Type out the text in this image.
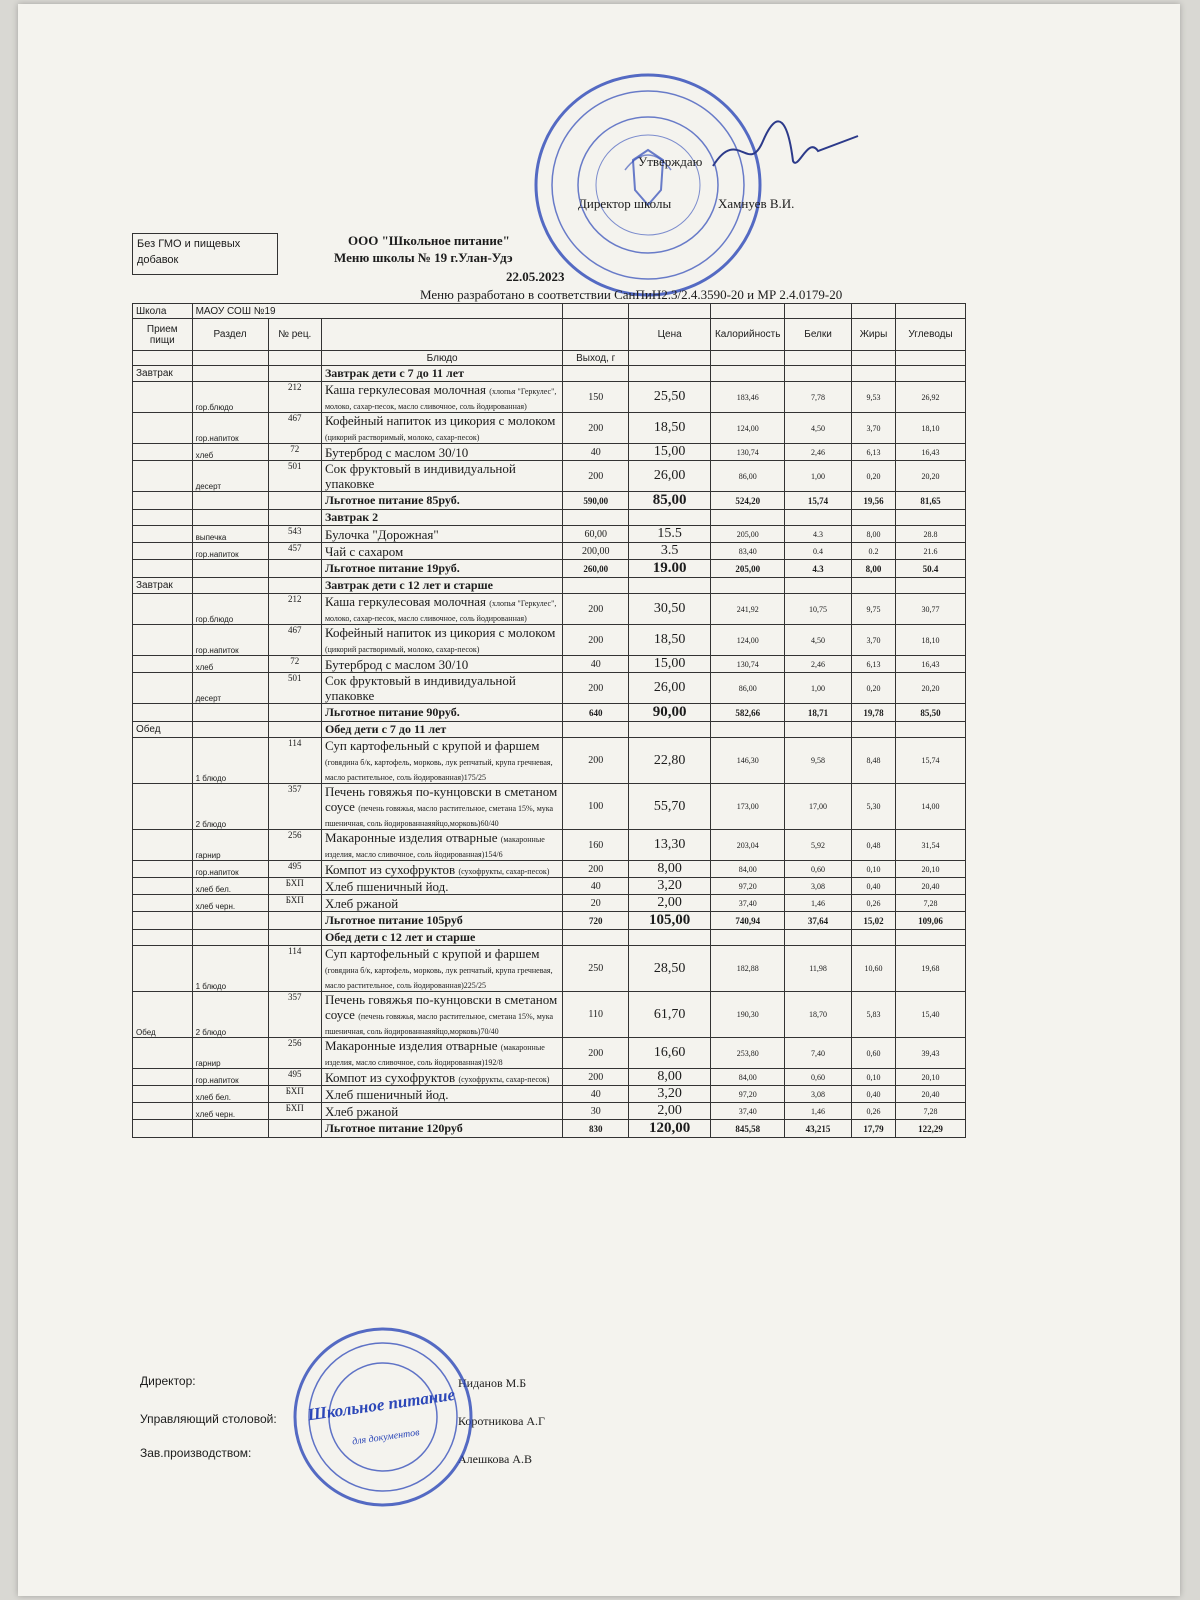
Утверждаю
Директор школы	Хамнуев В.И.
Без ГМО и пищевых добавок
ООО "Школьное питание"
Меню школы № 19 г.Улан-Удэ
22.05.2023
Меню разработано в соответствии СанПиН2.3/2.4.3590-20 и МР 2.4.0179-20
Школа	МАОУ СОШ №19								
Прием пищи	Раздел	№ рец.			Цена	Калорийность	Белки	Жиры	Углеводы
			Блюдо	Выход, г					
Завтрак			Завтрак дети с 7 до 11 лет						
	гор.блюдо	212	Каша геркулесовая молочная (хлопья "Геркулес", молоко, сахар-песок, масло сливочное, соль йодированная)	150	25,50	183,46	7,78	9,53	26,92
	гор.напиток	467	Кофейный напиток из цикория с молоком (цикорий растворимый, молоко, сахар-песок)	200	18,50	124,00	4,50	3,70	18,10
	хлеб	72	Бутерброд с маслом 30/10	40	15,00	130,74	2,46	6,13	16,43
	десерт	501	Сок фруктовый в индивидуальной упаковке	200	26,00	86,00	1,00	0,20	20,20
			Льготное питание 85руб.	590,00	85,00	524,20	15,74	19,56	81,65
			Завтрак 2						
	выпечка	543	Булочка "Дорожная"	60,00	15.5	205,00	4.3	8,00	28.8
	гор.напиток	457	Чай с сахаром	200,00	3.5	83,40	0.4	0.2	21.6
			Льготное питание 19руб.	260,00	19.00	205,00	4.3	8,00	50.4
Завтрак			Завтрак дети с 12 лет и старше						
	гор.блюдо	212	Каша геркулесовая молочная (хлопья "Геркулес", молоко, сахар-песок, масло сливочное, соль йодированная)	200	30,50	241,92	10,75	9,75	30,77
	гор.напиток	467	Кофейный напиток из цикория с молоком (цикорий растворимый, молоко, сахар-песок)	200	18,50	124,00	4,50	3,70	18,10
	хлеб	72	Бутерброд с маслом 30/10	40	15,00	130,74	2,46	6,13	16,43
	десерт	501	Сок фруктовый в индивидуальной упаковке	200	26,00	86,00	1,00	0,20	20,20
			Льготное питание 90руб.	640	90,00	582,66	18,71	19,78	85,50
Обед			Обед дети с 7 до 11 лет						
	1 блюдо	114	Суп картофельный с крупой и фаршем (говядина б/к, картофель, морковь, лук репчатый, крупа гречневая, масло растительное, соль йодированная)175/25	200	22,80	146,30	9,58	8,48	15,74
	2 блюдо	357	Печень говяжья по-кунцовски в сметаном соусе (печень говяжья, масло растительное, сметана 15%, мука пшеничная, соль йодированнаяяйцо,морковь)60/40	100	55,70	173,00	17,00	5,30	14,00
	гарнир	256	Макаронные изделия отварные (макаронные изделия, масло сливочное, соль йодированная)154/6	160	13,30	203,04	5,92	0,48	31,54
	гор.напиток	495	Компот из сухофруктов (сухофрукты, сахар-песок)	200	8,00	84,00	0,60	0,10	20,10
	хлеб бел.	БХП	Хлеб пшеничный йод.	40	3,20	97,20	3,08	0,40	20,40
	хлеб черн.	БХП	Хлеб ржаной	20	2,00	37,40	1,46	0,26	7,28
			Льготное питание 105руб	720	105,00	740,94	37,64	15,02	109,06
			Обед дети с 12 лет и старше						
	1 блюдо	114	Суп картофельный с крупой и фаршем (говядина б/к, картофель, морковь, лук репчатый, крупа гречневая, масло растительное, соль йодированная)225/25	250	28,50	182,88	11,98	10,60	19,68
Обед	2 блюдо	357	Печень говяжья по-кунцовски в сметаном соусе (печень говяжья, масло растительное, сметана 15%, мука пшеничная, соль йодированнаяяйцо,морковь)70/40	110	61,70	190,30	18,70	5,83	15,40
	гарнир	256	Макаронные изделия отварные (макаронные изделия, масло сливочное, соль йодированная)192/8	200	16,60	253,80	7,40	0,60	39,43
	гор.напиток	495	Компот из сухофруктов (сухофрукты, сахар-песок)	200	8,00	84,00	0,60	0,10	20,10
	хлеб бел.	БХП	Хлеб пшеничный йод.	40	3,20	97,20	3,08	0,40	20,40
	хлеб черн.	БХП	Хлеб ржаной	30	2,00	37,40	1,46	0,26	7,28
			Льготное питание 120руб	830	120,00	845,58	43,215	17,79	122,29
Директор:	Ниданов М.Б
Управляющий столовой:	Коротникова А.Г
Зав.производством:	Алешкова А.В
Школьное питание
для документов
